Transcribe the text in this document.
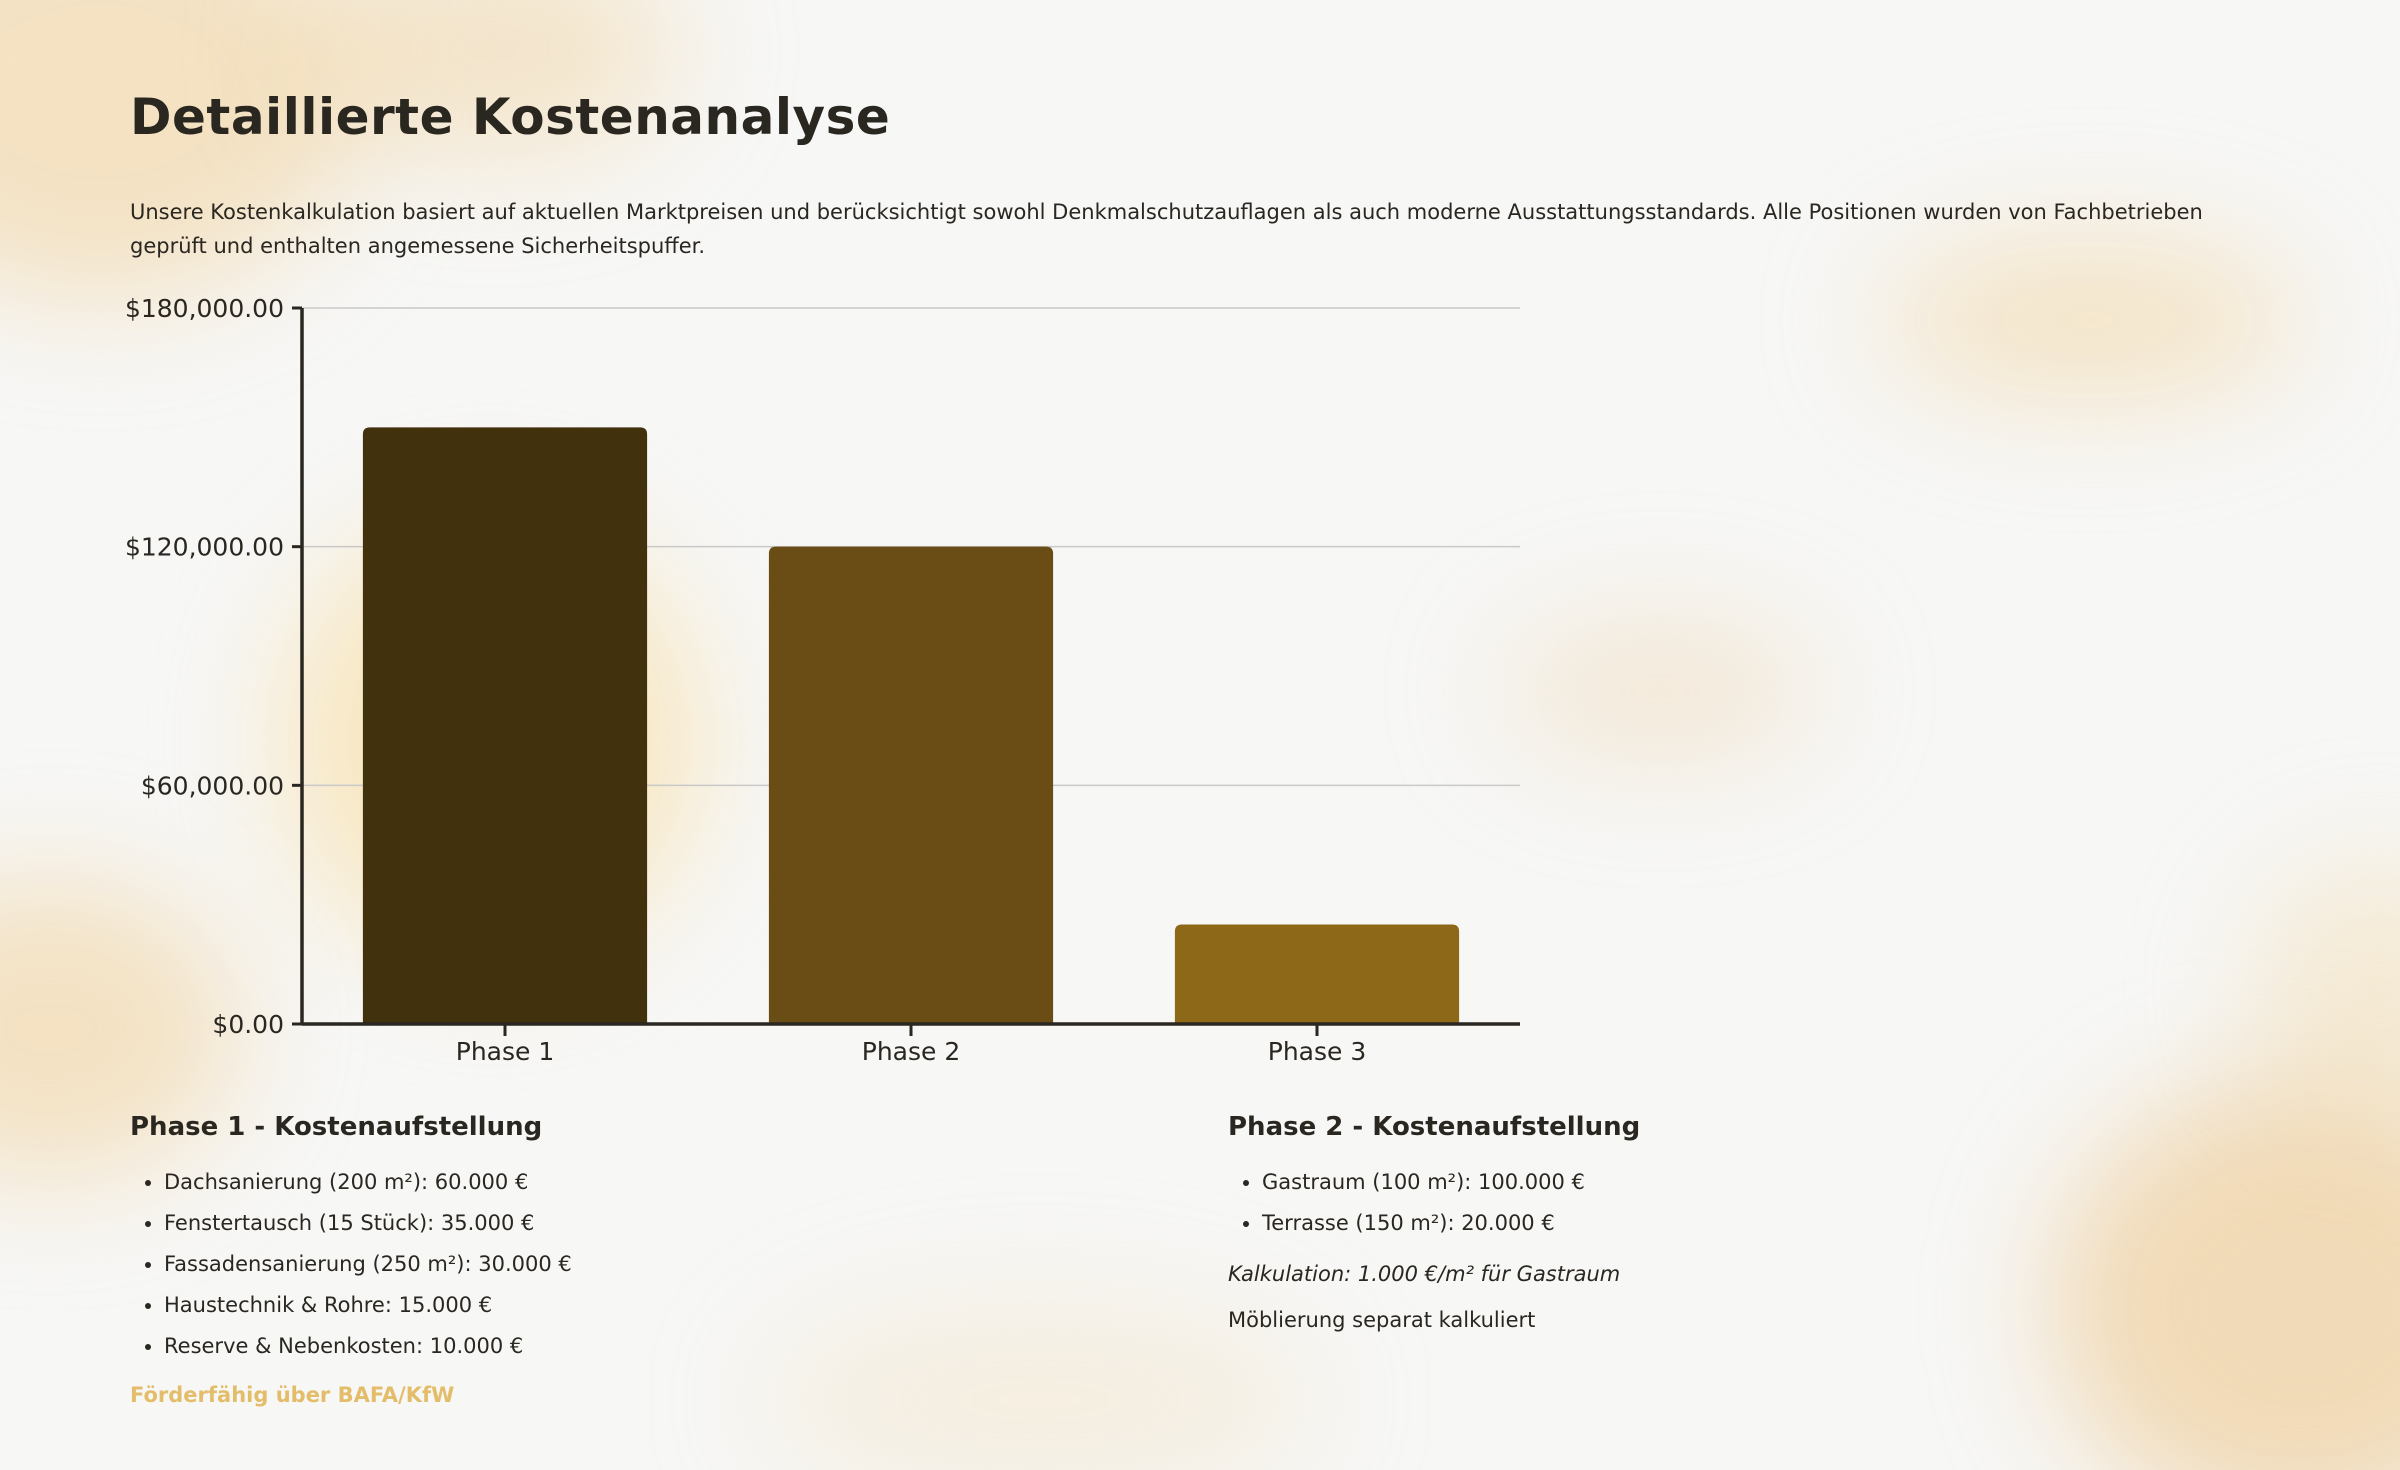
Detaillierte Kostenanalyse

Unsere Kostenkalkulation basiert auf aktuellen Marktpreisen und berücksichtigt sowohl Denkmalschutzauflagen als auch moderne Ausstattungsstandards. Alle Positionen wurden von Fachbetrieben geprüft und enthalten angemessene Sicherheitspuffer.

$0.00
$60,000.00
$120,000.00
$180,000.00
Phase 1	Phase 2	Phase 3
Phase 1 - Kostenaufstellung
• Dachsanierung (200 m²): 60.000 €
• Fenstertausch (15 Stück): 35.000 €
• Fassadensanierung (250 m²): 30.000 €
• Haustechnik & Rohre: 15.000 €
• Reserve & Nebenkosten: 10.000 €
Förderfähig über BAFA/KfW
Phase 2 - Kostenaufstellung
• Gastraum (100 m²): 100.000 €
• Terrasse (150 m²): 20.000 €
Kalkulation: 1.000 €/m² für Gastraum
Möblierung separat kalkuliert
